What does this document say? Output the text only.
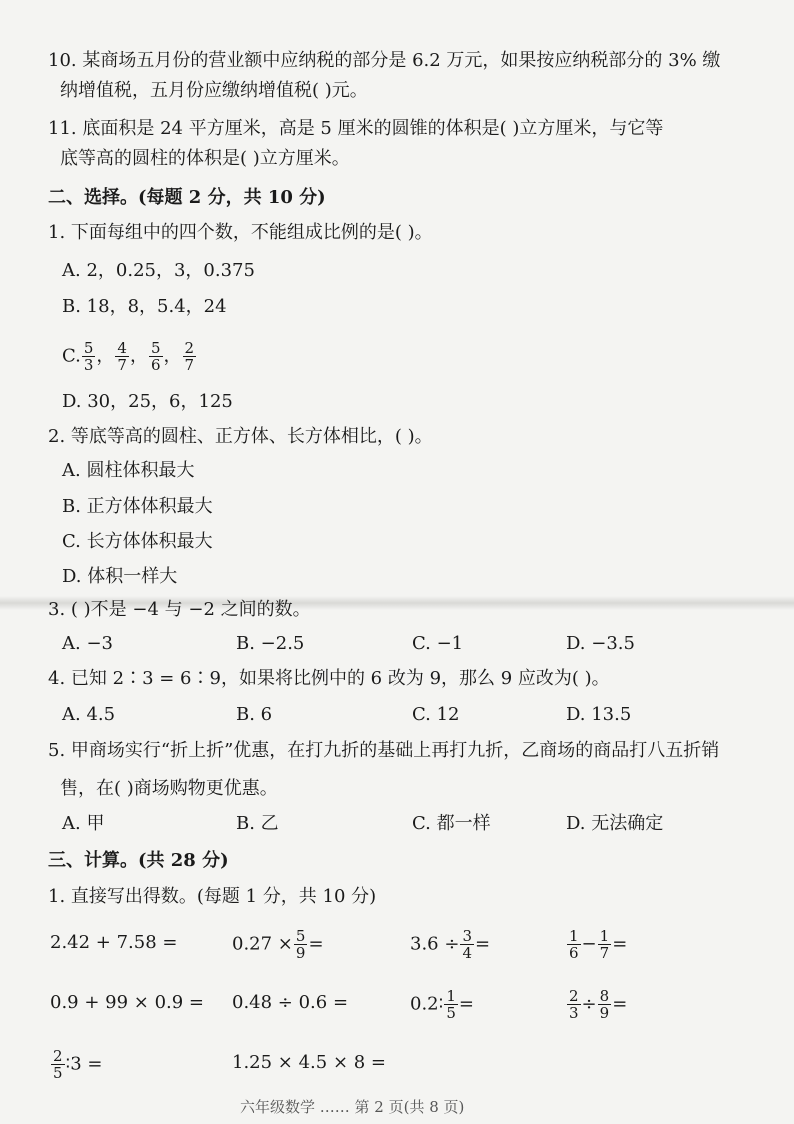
10. 某商场五月份的营业额中应纳税的部分是 6.2 万元，如果按应纳税部分的 3% 缴
纳增值税，五月份应缴纳增值税( )元。
11. 底面积是 24 平方厘米，高是 5 厘米的圆锥的体积是( )立方厘米，与它等
底等高的圆柱的体积是( )立方厘米。
二、选择。(每题 2 分，共 10 分)
1. 下面每组中的四个数，不能组成比例的是( )。
A. 2，0.25，3，0.375
B. 18，8，5.4，24
C. $\frac{5}{3}$ ， $\frac{4}{7}$ ， $\frac{5}{6}$ ， $\frac{2}{7}$
D. 30，25，6，125
2. 等底等高的圆柱、正方体、长方体相比，( )。
A. 圆柱体积最大
B. 正方体体积最大
C. 长方体体积最大
D. 体积一样大
3. ( )不是 −4 与 −2 之间的数。
A. −3	B. −2.5	C. −1	D. −3.5
4. 已知 2∶3 = 6∶9，如果将比例中的 6 改为 9，那么 9 应改为( )。
A. 4.5	B. 6	C. 12	D. 13.5
5. 甲商场实行“折上折”优惠，在打九折的基础上再打九折，乙商场的商品打八五折销
售，在( )商场购物更优惠。
A. 甲	B. 乙	C. 都一样	D. 无法确定
三、计算。(共 28 分)
1. 直接写出得数。(每题 1 分，共 10 分)
2.42 + 7.58 =	$0.27 \times \frac{5}{9}$ =	$3.6 \div \frac{3}{4}$ =	$\frac{1}{6} - \frac{1}{7}$ =
0.9 + 99 × 0.9 = 0.48 ÷ 0.6 =	0.2∶ $\frac{1}{5}$ =	$\frac{2}{3} \div \frac{8}{9}$ =
$\frac{2}{5}$ ∶3 =	1.25 × 4.5 × 8 =
六年级数学 …… 第 2 页(共 8 页)
